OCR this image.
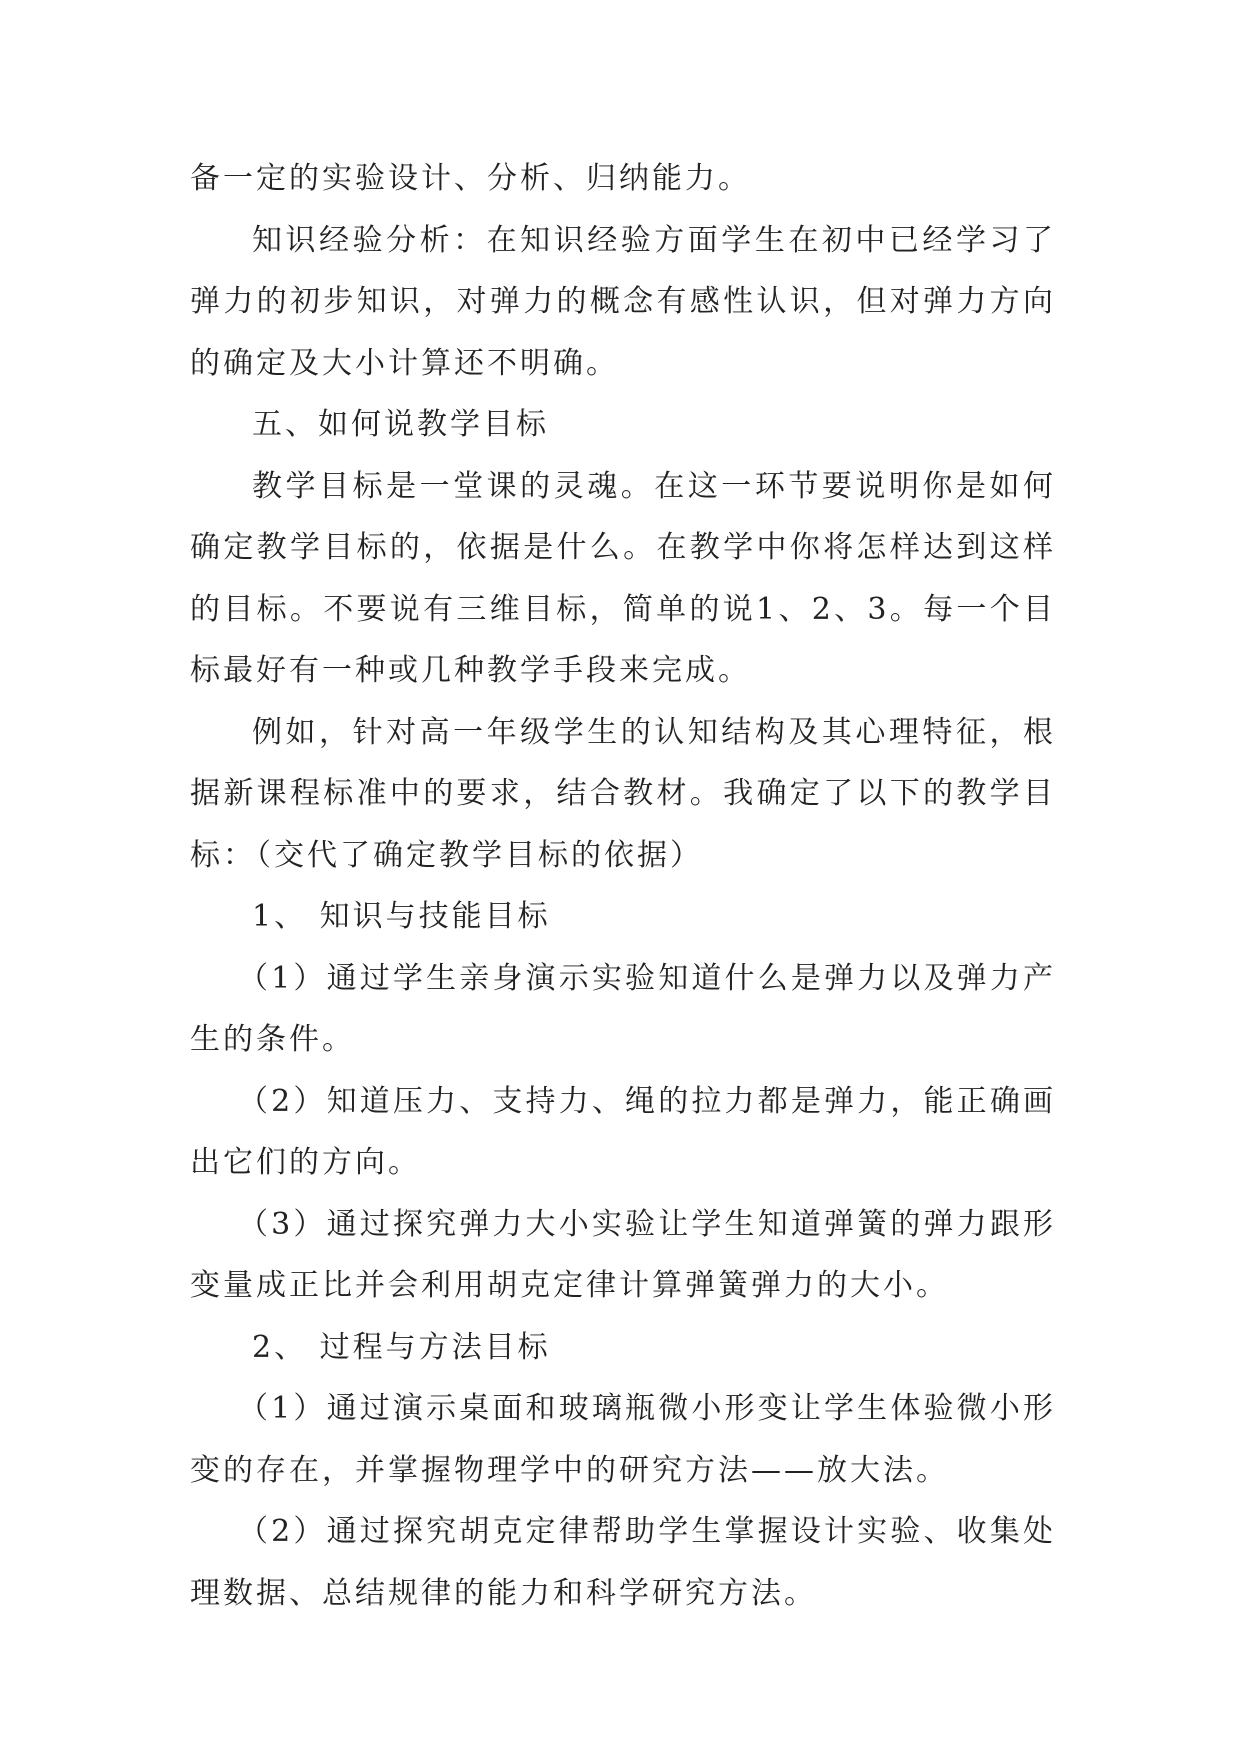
备一定的实验设计、分析、归纳能力。

知识经验分析：在知识经验方面学生在初中已经学习了弹力的初步知识，对弹力的概念有感性认识，但对弹力方向的确定及大小计算还不明确。

五、如何说教学目标

教学目标是一堂课的灵魂。在这一环节要说明你是如何确定教学目标的，依据是什么。在教学中你将怎样达到这样的目标。不要说有三维目标，简单的说1、2、3。每一个目标最好有一种或几种教学手段来完成。

例如，针对高一年级学生的认知结构及其心理特征，根据新课程标准中的要求，结合教材。我确定了以下的教学目标：（交代了确定教学目标的依据）

1、 知识与技能目标

（1）通过学生亲身演示实验知道什么是弹力以及弹力产生的条件。

（2）知道压力、支持力、绳的拉力都是弹力，能正确画出它们的方向。

（3）通过探究弹力大小实验让学生知道弹簧的弹力跟形变量成正比并会利用胡克定律计算弹簧弹力的大小。

2、 过程与方法目标

（1）通过演示桌面和玻璃瓶微小形变让学生体验微小形变的存在，并掌握物理学中的研究方法——放大法。

（2）通过探究胡克定律帮助学生掌握设计实验、收集处理数据、总结规律的能力和科学研究方法。
